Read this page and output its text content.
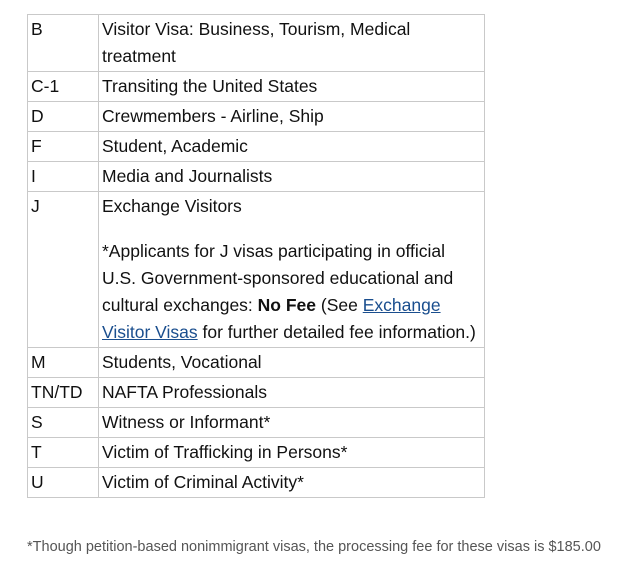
B	Visitor Visa: Business, Tourism, Medical treatment
C-1	Transiting the United States
D	Crewmembers - Airline, Ship
F	Student, Academic
I	Media and Journalists
J	Exchange Visitors

*Applicants for J visas participating in official U.S. Government-sponsored educational and cultural exchanges: No Fee (See Exchange Visitor Visas for further detailed fee information.)

M	Students, Vocational
TN/TD	NAFTA Professionals
S	Witness or Informant*
T	Victim of Trafficking in Persons*
U	Victim of Criminal Activity*
*Though petition-based nonimmigrant visas, the processing fee for these visas is $185.00
